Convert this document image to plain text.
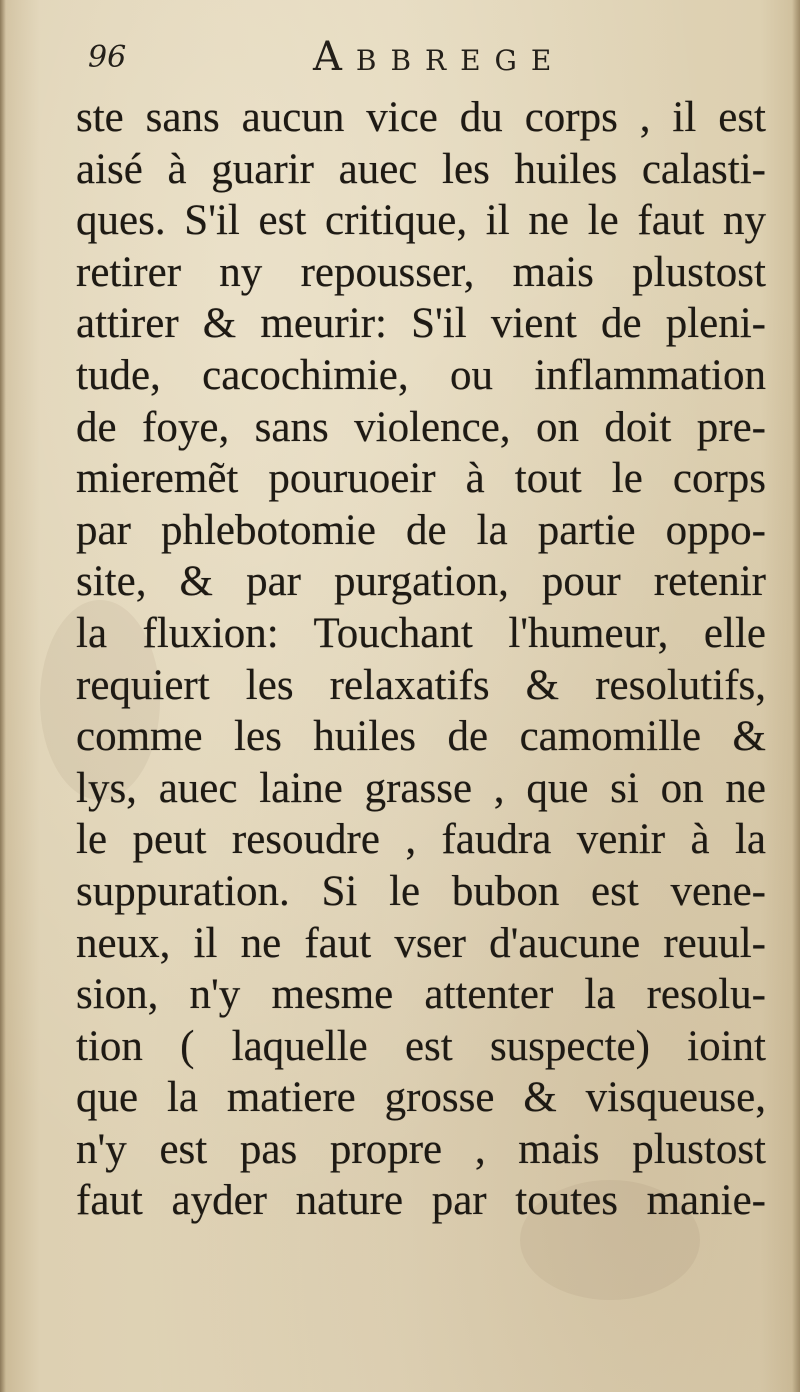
96	Abbrege
ste sans aucun vice du corps , il est
aisé à guarir auec les huiles calasti-
ques. S'il est critique, il ne le faut ny
retirer ny repousser, mais plustost
attirer & meurir: S'il vient de pleni-
tude, cacochimie, ou inflammation
de foye, sans violence, on doit pre-
mieremẽt pouruoeir à tout le corps
par phlebotomie de la partie oppo-
site, & par purgation, pour retenir
la fluxion: Touchant l'humeur, elle
requiert les relaxatifs & resolutifs,
comme les huiles de camomille &
lys, auec laine grasse , que si on ne
le peut resoudre , faudra venir à la
suppuration. Si le bubon est vene-
neux, il ne faut vser d'aucune reuul-
sion, n'y mesme attenter la resolu-
tion ( laquelle est suspecte) ioint
que la matiere grosse & visqueuse,
n'y est pas propre , mais plustost
faut ayder nature par toutes manie-
